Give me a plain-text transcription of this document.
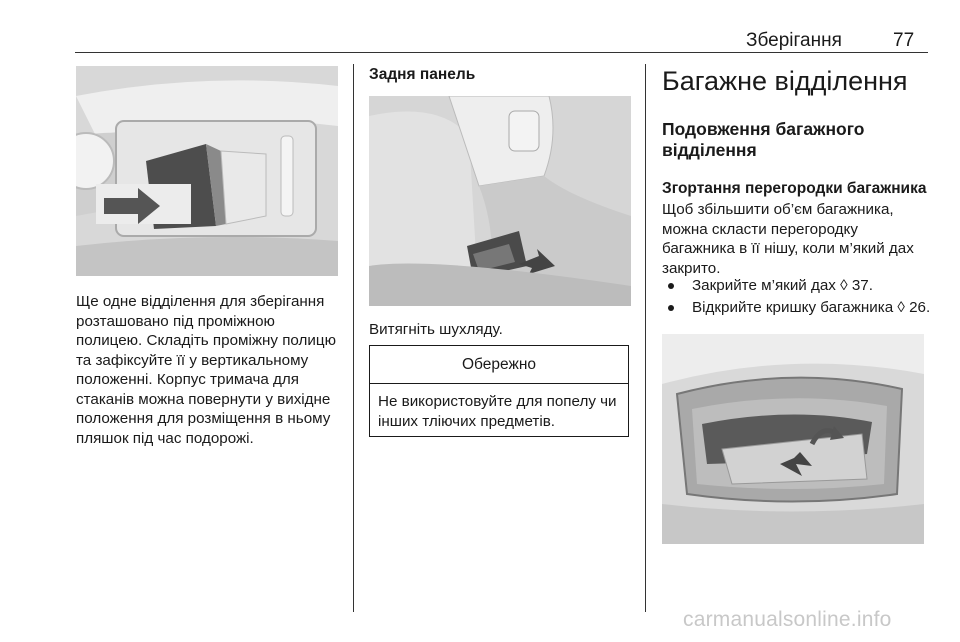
Зберігання	77
Ще одне відділення для зберігання розташовано під проміжною полицею. Складіть проміжну полицю та зафіксуйте її у вертикальному положенні. Корпус тримача для стаканів можна повернути у вихідне положення для розміщення в ньому пляшок під час подорожі.
Задня панель
Витягніть шухляду.
Обережно
Не використовуйте для попелу чи інших тліючих предметів.
Багажне відділення
Подовження багажного відділення
Згортання перегородки багажника
Щоб збільшити об’єм багажника, можна скласти перегородку багажника в її нішу, коли м’який дах закрито.
Закрийте м’який дах ◊ 37.
Відкрийте кришку багажника ◊ 26.
carmanualsonline.info
